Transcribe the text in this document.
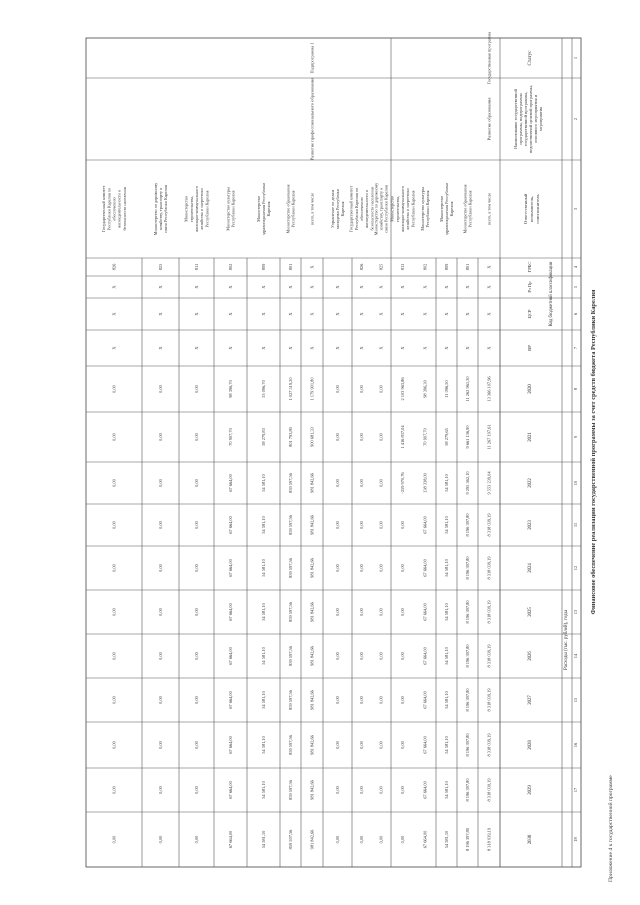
Приложение 4 к государственной программе
Финансовое обеспечение реализации государственной программы за счет средств бюджета Республики Карелия
Статус
Наименование государственной программы, подпрограммы государственной программы, ведомственной целевой программы, основного мероприятия и мероприятия
Ответственный исполнитель, соисполнитель
Код бюджетной классификации
ГРБС
Рз Пр
ЦСР
ВР
Расходы (тыс. рублей), годы
2020
2021
2022
2023
2024
2025
2026
2027
2028
2029
2030
1
2
3
4
5
6
7
8
9
10
11
12
13
14
15
16
17
18
Государственная программа
Развитие образования
всего, в том числе
Х
Х
Х
Х
13 366 107,96
11 267 197,61
9 553 239,04
8 318 039,19
8 318 039,19
8 318 039,19
8 318 039,19
8 318 039,19
8 318 039,19
8 318 039,19
8 318 039,19
Министерство образования Республики Карелия
801
Х
Х
Х
11 262 961,30
9 661 136,90
9 295 362,10
8 196 397,80
8 196 397,80
8 196 397,80
8 196 397,80
8 196 397,80
8 196 397,80
8 196 397,80
8 196 397,80
Министерство здравоохранения Республики Карелия
809
Х
Х
Х
11 096,50
58 279,65
54 581,10
54 581,10
54 581,10
54 581,10
54 581,10
54 581,10
54 581,10
54 581,10
54 581,10
Министерство культуры Республики Карелия
802
Х
Х
Х
98 396,30
70 907,70
138 338,00
67 664,00
67 664,00
67 664,00
67 664,00
67 664,00
67 664,00
67 664,00
67 664,00
Министерство строительства, жилищно-коммунального хозяйства и энергетики Республики Карелия
811
Х
Х
Х
2 103 963,86
1 416 837,04
-259 970,76
0,00
0,00
0,00
0,00
0,00
0,00
0,00
0,00
Министерство по дорожному хозяйству, транспорту и связи Республики Карелия
825
Х
Х
Х
0,00
0,00
0,00
0,00
0,00
0,00
0,00
0,00
0,00
0,00
0,00
Государственный комитет Республики Карелия по обеспечению жизнедеятельности и безопасности населения
826
Х
Х
Х
0,00
0,00
0,00
0,00
0,00
0,00
0,00
0,00
0,00
0,00
0,00
Управление по делам молодежи Республики Карелия
Х
Х
Х
0,00
0,00
0,00
0,00
0,00
0,00
0,00
0,00
0,00
0,00
0,00
Подпрограмма 1
Развитие профессионального образования
всего, в том числе
Х
Х
Х
Х
1 179 901,80
900 681,33
981 842,66
981 842,66
981 842,66
981 842,66
981 842,66
981 842,66
981 842,66
981 842,66
981 842,66
Министерство образования Республики Карелия
801
Х
Х
Х
1 027 519,20
801 793,80
859 597,56
859 597,56
859 597,56
859 597,56
859 597,56
859 597,56
859 597,56
859 597,56
859 597,56
Министерство здравоохранения Республики Карелия
809
Х
Х
Х
53 096,70
58 279,83
54 581,10
54 581,10
54 581,10
54 581,10
54 581,10
54 581,10
54 581,10
54 581,10
54 581,10
Министерство культуры Республики Карелия
802
Х
Х
Х
98 396,70
70 907,70
67 664,00
67 664,00
67 664,00
67 664,00
67 664,00
67 664,00
67 664,00
67 664,00
67 664,00
Министерство строительства, жилищно-коммунального хозяйства и энергетики Республики Карелия
811
Х
Х
Х
0,00
0,00
0,00
0,00
0,00
0,00
0,00
0,00
0,00
0,00
0,00
Министерство по дорожному хозяйству, транспорту и связи Республики Карелия
825
Х
Х
Х
0,00
0,00
0,00
0,00
0,00
0,00
0,00
0,00
0,00
0,00
0,00
Государственный комитет Республики Карелия по обеспечению жизнедеятельности и безопасности населения
826
Х
Х
Х
0,00
0,00
0,00
0,00
0,00
0,00
0,00
0,00
0,00
0,00
0,00
